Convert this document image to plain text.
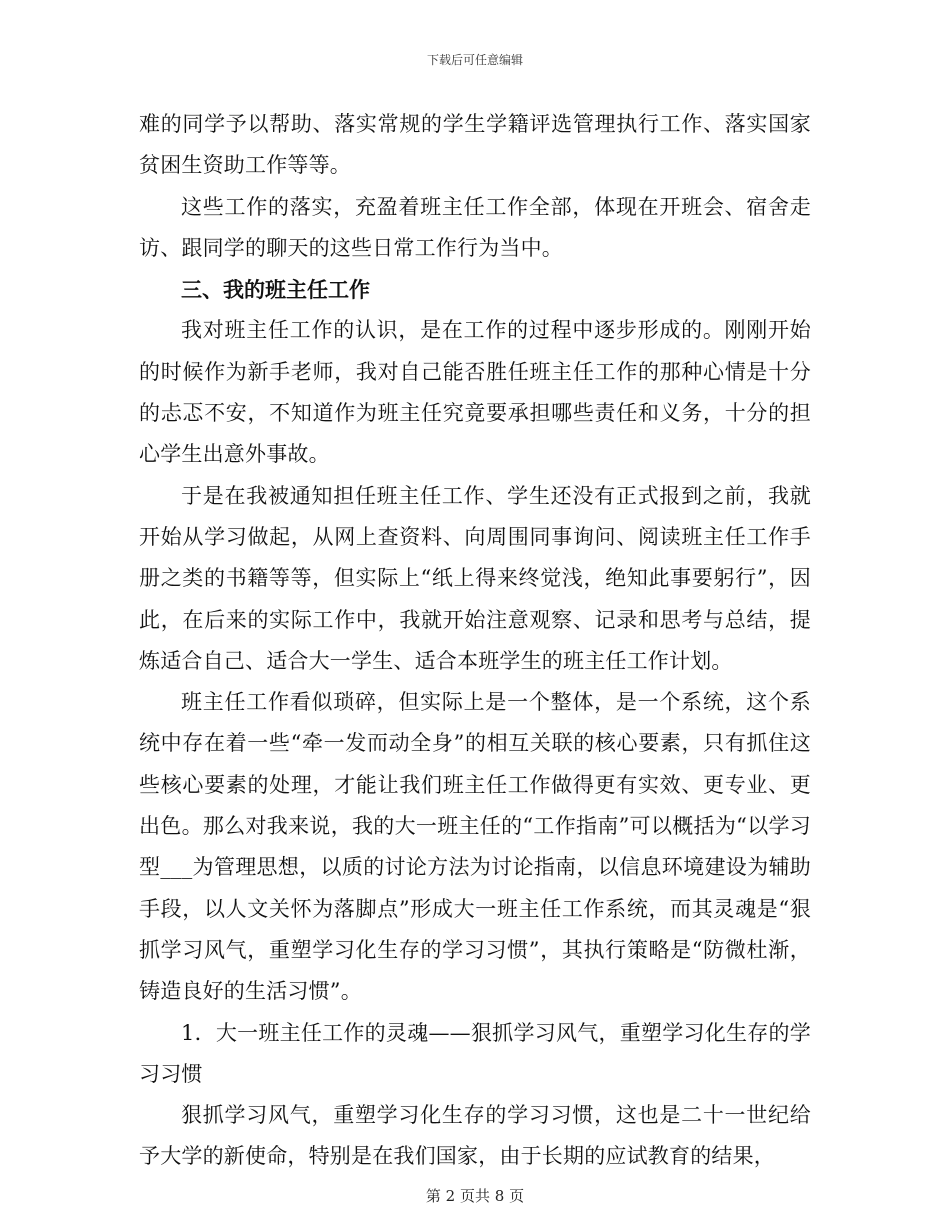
下载后可任意编辑

难的同学予以帮助、落实常规的学生学籍评选管理执行工作、落实国家贫困生资助工作等等。

这些工作的落实，充盈着班主任工作全部，体现在开班会、宿舍走访、跟同学的聊天的这些日常工作行为当中。

三、我的班主任工作

我对班主任工作的认识，是在工作的过程中逐步形成的。刚刚开始的时候作为新手老师，我对自己能否胜任班主任工作的那种心情是十分的忐忑不安，不知道作为班主任究竟要承担哪些责任和义务，十分的担心学生出意外事故。

于是在我被通知担任班主任工作、学生还没有正式报到之前，我就开始从学习做起，从网上查资料、向周围同事询问、阅读班主任工作手册之类的书籍等等，但实际上“纸上得来终觉浅，绝知此事要躬行”，因此，在后来的实际工作中，我就开始注意观察、记录和思考与总结，提炼适合自己、适合大一学生、适合本班学生的班主任工作计划。

班主任工作看似琐碎，但实际上是一个整体，是一个系统，这个系统中存在着一些“牵一发而动全身”的相互关联的核心要素，只有抓住这些核心要素的处理，才能让我们班主任工作做得更有实效、更专业、更出色。那么对我来说，我的大一班主任的“工作指南”可以概括为“以学习型___为管理思想，以质的讨论方法为讨论指南，以信息环境建设为辅助手段，以人文关怀为落脚点”形成大一班主任工作系统，而其灵魂是“狠抓学习风气，重塑学习化生存的学习习惯”，其执行策略是“防微杜渐，铸造良好的生活习惯”。

1．大一班主任工作的灵魂——狠抓学习风气，重塑学习化生存的学习习惯

狠抓学习风气，重塑学习化生存的学习习惯，这也是二十一世纪给予大学的新使命，特别是在我们国家，由于长期的应试教育的结果，

第 2 页共 8 页
